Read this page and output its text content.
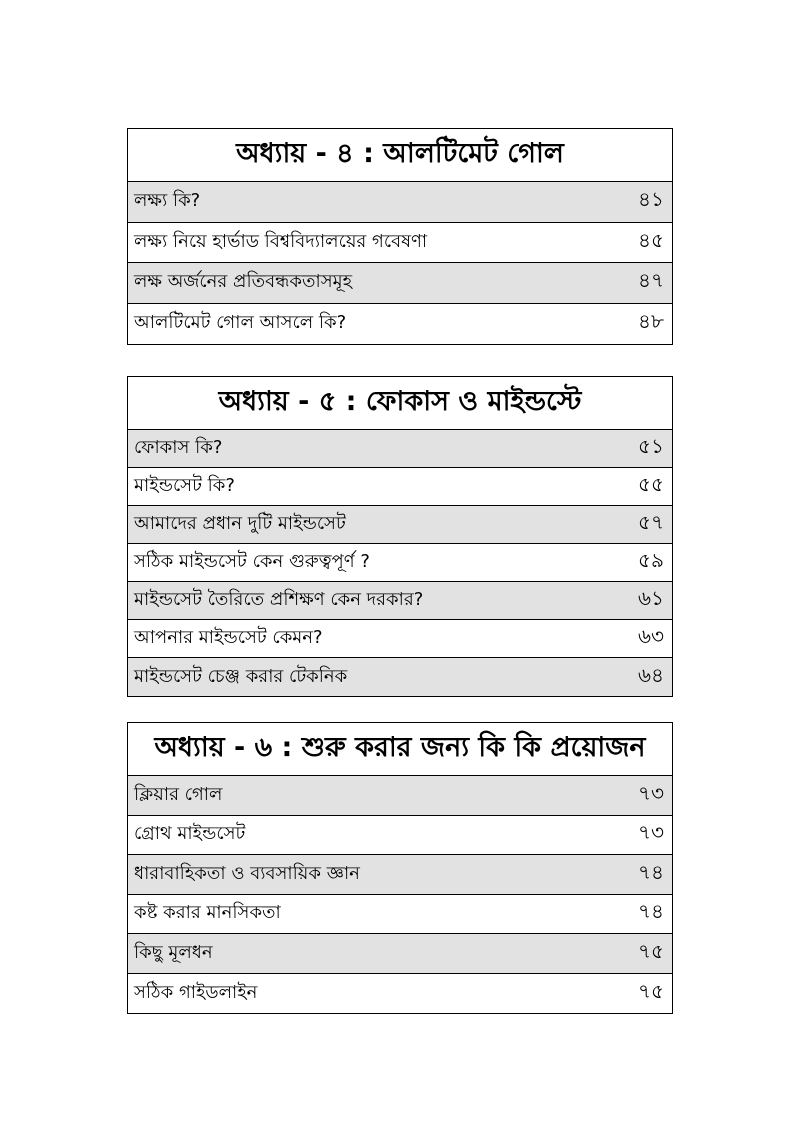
অধ্যায় - ৪ : আলটিমেট গোল
লক্ষ্য কি?	৪১
লক্ষ্য নিয়ে হার্ভাড বিশ্ববিদ্যালয়ের গবেষণা	৪৫
লক্ষ অর্জনের প্রতিবন্ধকতাসমূহ	৪৭
আলটিমেট গোল আসলে কি?	৪৮
অধ্যায় - ৫ : ফোকাস ও মাইন্ডস্টে
ফোকাস কি?	৫১
মাইন্ডসেট কি?	৫৫
আমাদের প্রধান দুটি মাইন্ডসেট	৫৭
সঠিক মাইন্ডসেট কেন গুরুত্বপূর্ণ ?	৫৯
মাইন্ডসেট তৈরিতে প্রশিক্ষণ কেন দরকার?	৬১
আপনার মাইন্ডসেট কেমন?	৬৩
মাইন্ডসেট চেঞ্জ করার টেকনিক	৬৪
অধ্যায় - ৬ : শুরু করার জন্য কি কি প্রয়োজন
ক্লিয়ার গোল	৭৩
গ্রোথ মাইন্ডসেট	৭৩
ধারাবাহিকতা ও ব্যবসায়িক জ্ঞান	৭৪
কষ্ট করার মানসিকতা	৭৪
কিছু মূলধন	৭৫
সঠিক গাইডলাইন	৭৫
